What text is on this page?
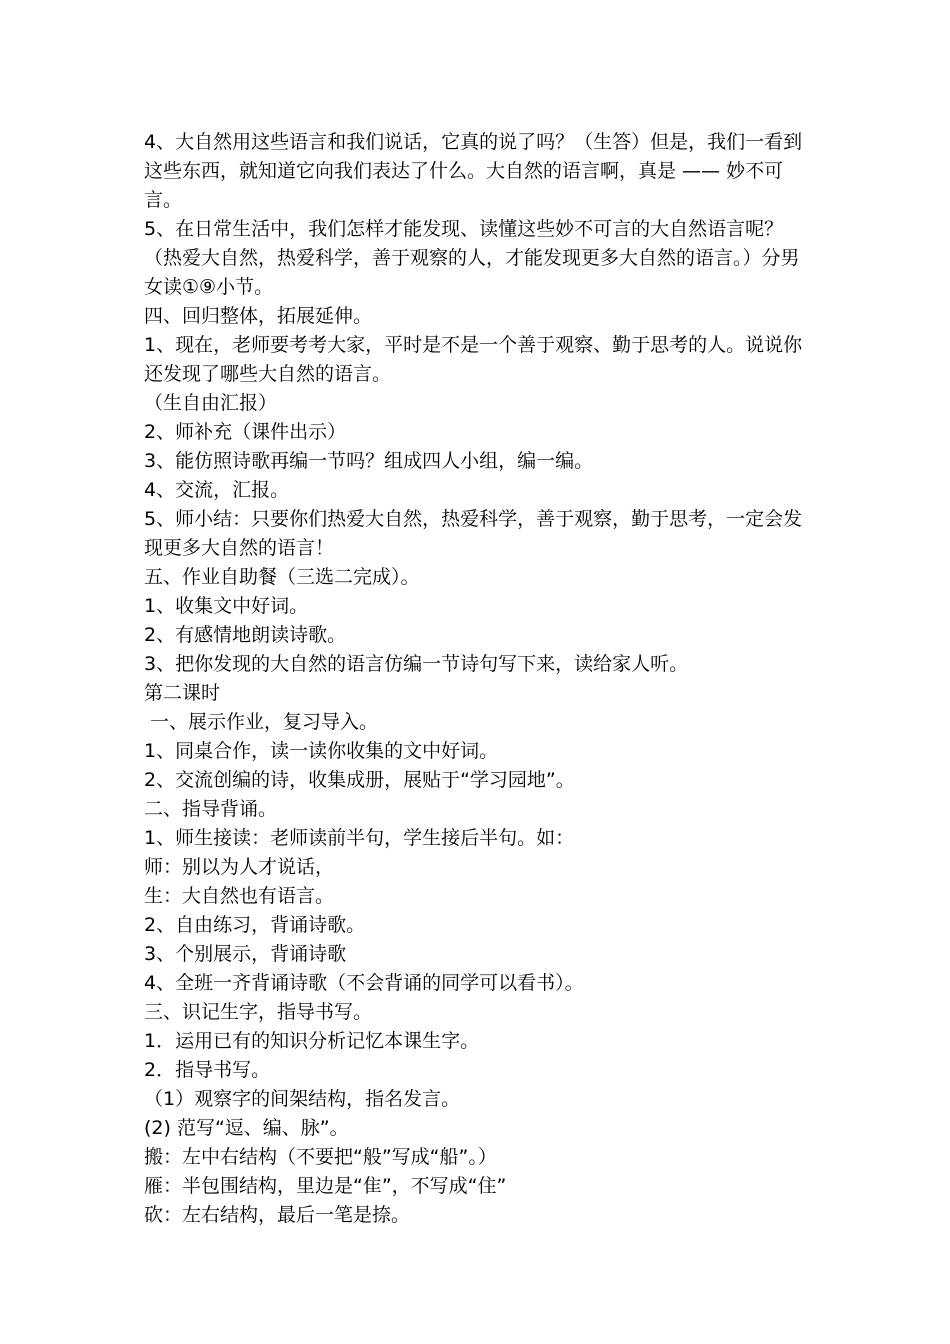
4、大自然用这些语言和我们说话，它真的说了吗？（生答）但是，我们一看到这些东西，就知道它向我们表达了什么。大自然的语言啊，真是 —— 妙不可言。

5、在日常生活中，我们怎样才能发现、读懂这些妙不可言的大自然语言呢？（热爱大自然，热爱科学，善于观察的人，才能发现更多大自然的语言。）分男女读①⑨小节。

四、回归整体，拓展延伸。

1、现在，老师要考考大家，平时是不是一个善于观察、勤于思考的人。说说你还发现了哪些大自然的语言。

（生自由汇报）

2、师补充（课件出示）

3、能仿照诗歌再编一节吗？组成四人小组，编一编。

4、交流，汇报。

5、师小结：只要你们热爱大自然，热爱科学，善于观察，勤于思考，一定会发现更多大自然的语言！

五、作业自助餐（三选二完成）。

1、收集文中好词。

2、有感情地朗读诗歌。

3、把你发现的大自然的语言仿编一节诗句写下来，读给家人听。

第二课时

一、展示作业，复习导入。

1、同桌合作，读一读你收集的文中好词。

2、交流创编的诗，收集成册，展贴于“学习园地”。

二、指导背诵。

1、师生接读：老师读前半句，学生接后半句。如：

师：别以为人才说话，

生：大自然也有语言。

2、自由练习，背诵诗歌。

3、个别展示，背诵诗歌

4、全班一齐背诵诗歌（不会背诵的同学可以看书）。

三、识记生字，指导书写。

1．运用已有的知识分析记忆本课生字。

2．指导书写。

（1）观察字的间架结构，指名发言。

(2) 范写“逗、编、脉”。

搬：左中右结构（不要把“般”写成“船”。）

雁：半包围结构，里边是“隹”，不写成“住”

砍：左右结构，最后一笔是捺。
